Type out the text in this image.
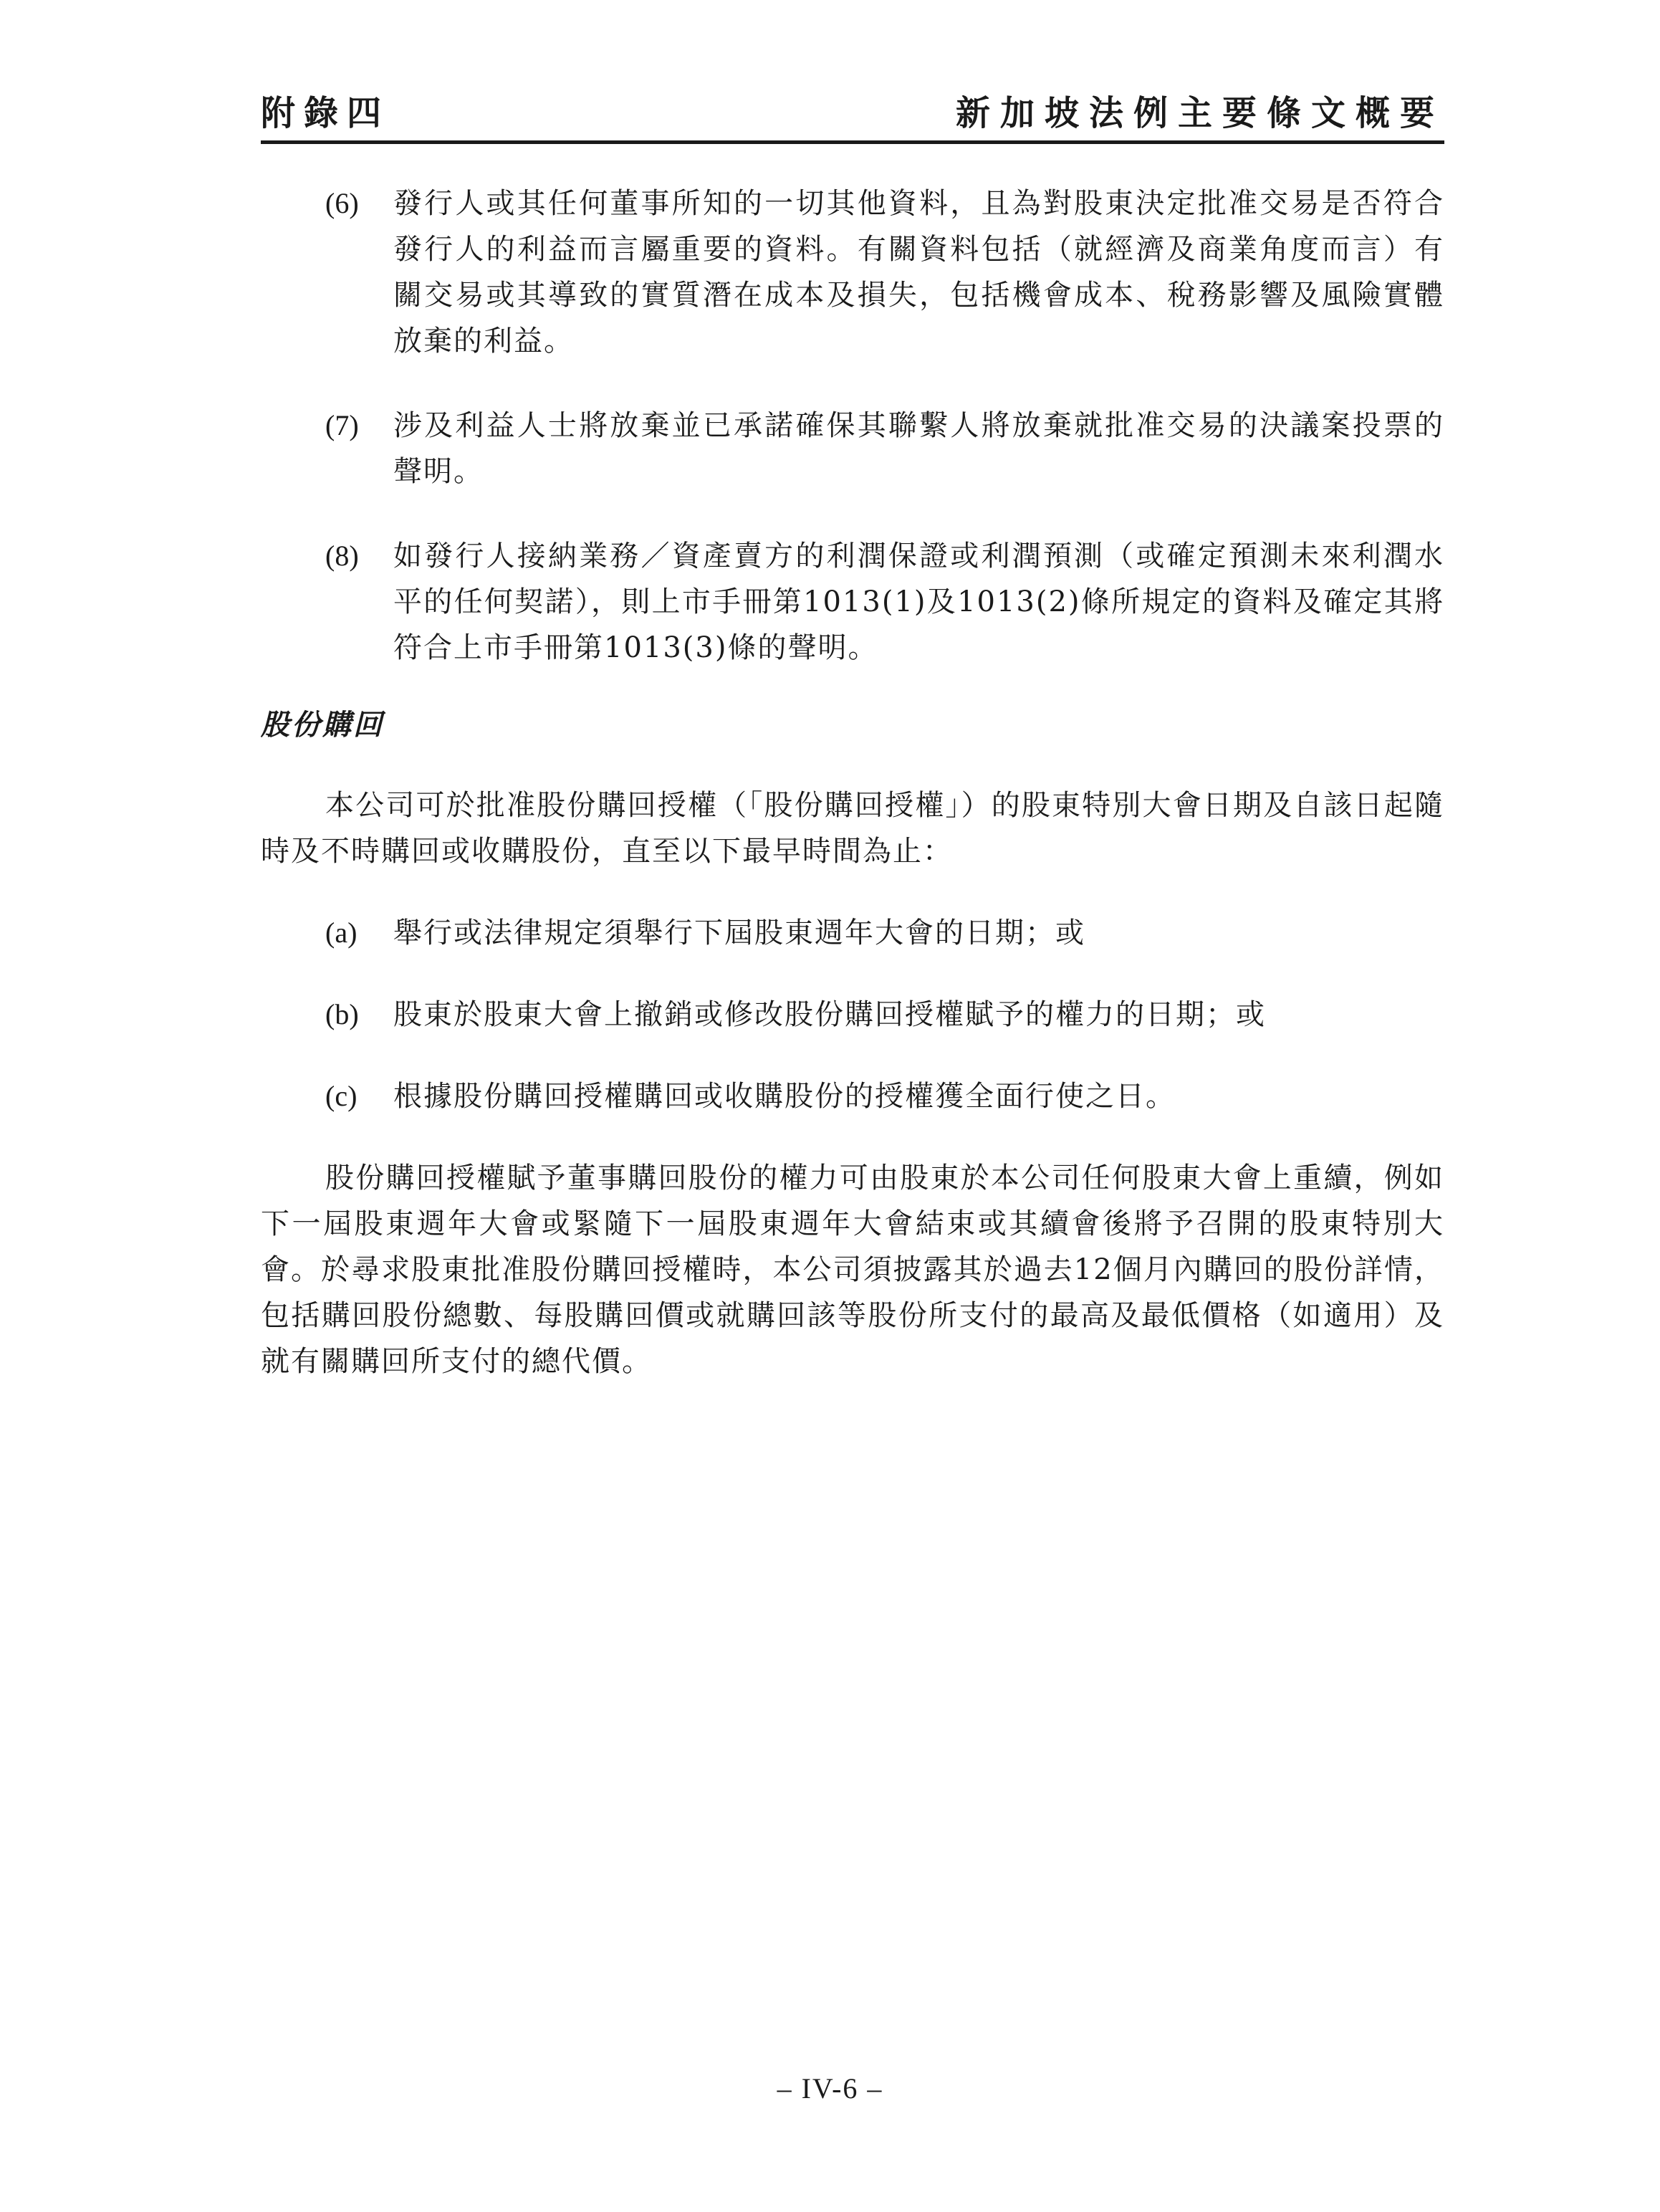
附錄四	新加坡法例主要條文概要
(6) 發行人或其任何董事所知的一切其他資料，且為對股東決定批准交易是否符合發行人的利益而言屬重要的資料。有關資料包括（就經濟及商業角度而言）有關交易或其導致的實質潛在成本及損失，包括機會成本、稅務影響及風險實體放棄的利益。
(7) 涉及利益人士將放棄並已承諾確保其聯繫人將放棄就批准交易的決議案投票的聲明。
(8) 如發行人接納業務／資產賣方的利潤保證或利潤預測（或確定預測未來利潤水平的任何契諾），則上市手冊第1013(1)及1013(2)條所規定的資料及確定其將符合上市手冊第1013(3)條的聲明。
股份購回
本公司可於批准股份購回授權（「股份購回授權」）的股東特別大會日期及自該日起隨時及不時購回或收購股份，直至以下最早時間為止：
(a) 舉行或法律規定須舉行下屆股東週年大會的日期；或
(b) 股東於股東大會上撤銷或修改股份購回授權賦予的權力的日期；或
(c) 根據股份購回授權購回或收購股份的授權獲全面行使之日。
股份購回授權賦予董事購回股份的權力可由股東於本公司任何股東大會上重續，例如下一屆股東週年大會或緊隨下一屆股東週年大會結束或其續會後將予召開的股東特別大會。於尋求股東批准股份購回授權時，本公司須披露其於過去12個月內購回的股份詳情，包括購回股份總數、每股購回價或就購回該等股份所支付的最高及最低價格（如適用）及就有關購回所支付的總代價。
– IV-6 –
